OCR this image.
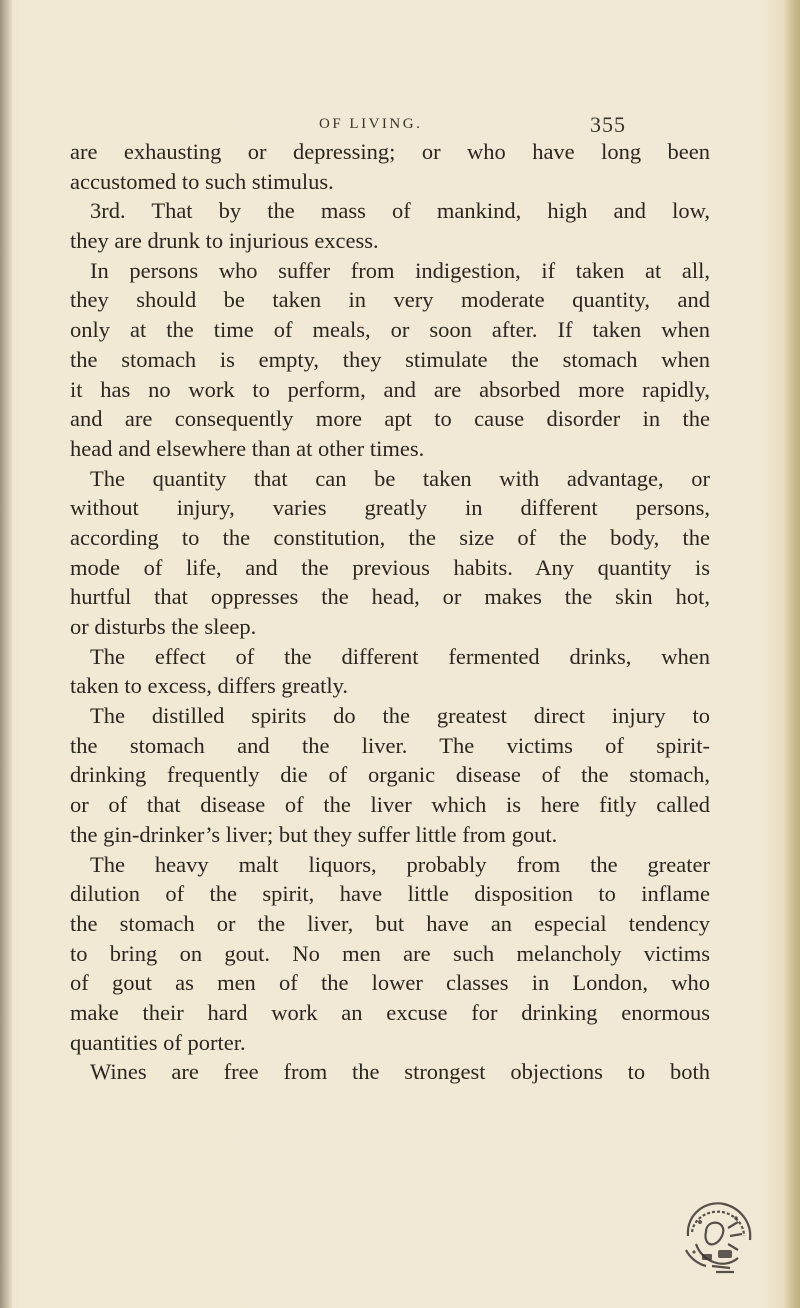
OF LIVING.	355
are exhausting or depressing; or who have long been
accustomed to such stimulus.
3rd. That by the mass of mankind, high and low,
they are drunk to injurious excess.
In persons who suffer from indigestion, if taken at all,
they should be taken in very moderate quantity, and
only at the time of meals, or soon after. If taken when
the stomach is empty, they stimulate the stomach when
it has no work to perform, and are absorbed more rapidly,
and are consequently more apt to cause disorder in the
head and elsewhere than at other times.
The quantity that can be taken with advantage, or
without injury, varies greatly in different persons,
according to the constitution, the size of the body, the
mode of life, and the previous habits. Any quantity is
hurtful that oppresses the head, or makes the skin hot,
or disturbs the sleep.
The effect of the different fermented drinks, when
taken to excess, differs greatly.
The distilled spirits do the greatest direct injury to
the stomach and the liver. The victims of spirit-
drinking frequently die of organic disease of the stomach,
or of that disease of the liver which is here fitly called
the gin-drinker’s liver; but they suffer little from gout.
The heavy malt liquors, probably from the greater
dilution of the spirit, have little disposition to inflame
the stomach or the liver, but have an especial tendency
to bring on gout. No men are such melancholy victims
of gout as men of the lower classes in London, who
make their hard work an excuse for drinking enormous
quantities of porter.
Wines are free from the strongest objections to both
